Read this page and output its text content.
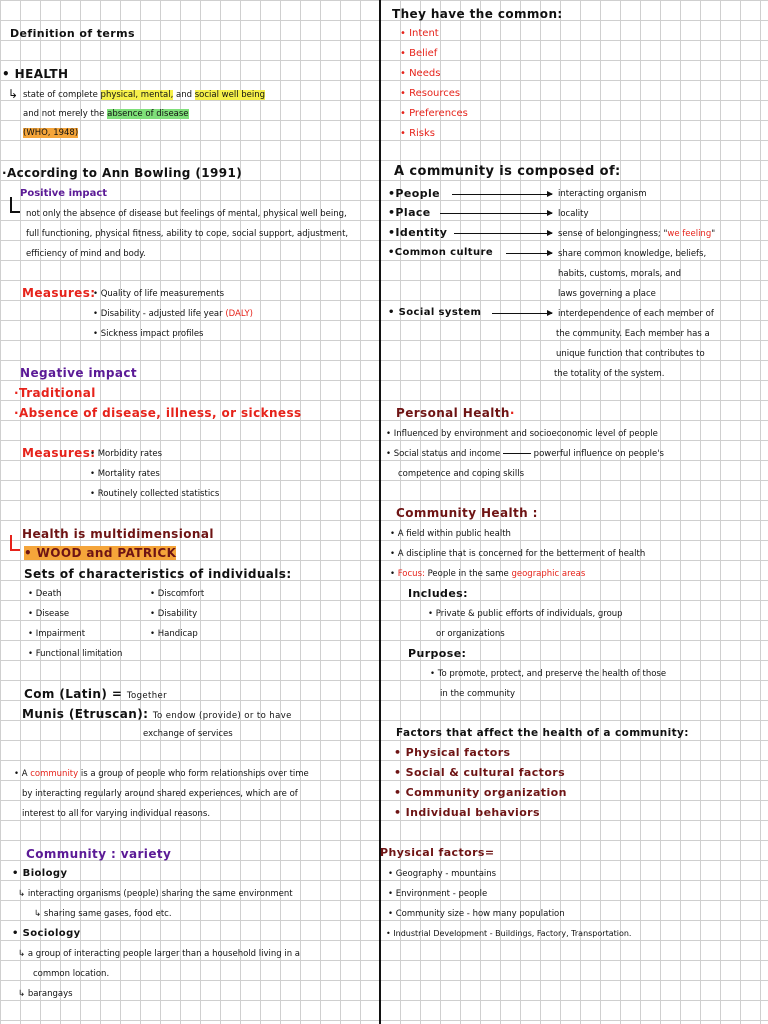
Definition of terms
• HEALTH
↳ state of complete physical, mental, and social well being
and not merely the absence of disease
(WHO, 1948)
·According to Ann Bowling (1991)
Positive impact
not only the absence of disease but feelings of mental, physical well being,
full functioning, physical fitness, ability to cope, social support, adjustment,
efficiency of mind and body.
Measures:
• Quality of life measurements
• Disability - adjusted life year (DALY)
• Sickness impact profiles
Negative impact
·Traditional
·Absence of disease, illness, or sickness
Measures:
• Morbidity rates
• Mortality rates
• Routinely collected statistics
Health is multidimensional
• WOOD and PATRICK
Sets of characteristics of individuals:
• Death
• Disease
• Impairment
• Functional limitation
• Discomfort
• Disability
• Handicap
Com (Latin) = Together
Munis (Etruscan): To endow (provide) or to have
exchange of services
• A community is a group of people who form relationships over time
by interacting regularly around shared experiences, which are of
interest to all for varying individual reasons.
Community : variety
• Biology
↳ interacting organisms (people) sharing the same environment
↳ sharing same gases, food etc.
• Sociology
↳ a group of interacting people larger than a household living in a
common location.
↳ barangays
They have the common:
• Intent
• Belief
• Needs
• Resources
• Preferences
• Risks
A community is composed of:
•People	interacting organism
•Place	locality
•Identity	sense of belongingness; "we feeling"
•Common culture	share common knowledge, beliefs,
habits, customs, morals, and
laws governing a place
• Social system	interdependence of each member of
the community. Each member has a
unique function that contributes to
the totality of the system.
Personal Health·
• Influenced by environment and socioeconomic level of people
• Social status and income	powerful influence on people's
competence and coping skills
Community Health :
• A field within public health
• A discipline that is concerned for the betterment of health
• Focus: People in the same geographic areas
Includes:
• Private & public efforts of individuals, group
or organizations
Purpose:
• To promote, protect, and preserve the health of those
in the community
Factors that affect the health of a community:
• Physical factors
• Social & cultural factors
• Community organization
• Individual behaviors
Physical factors=
• Geography - mountains
• Environment - people
• Community size - how many population
• Industrial Development - Buildings, Factory, Transportation.
